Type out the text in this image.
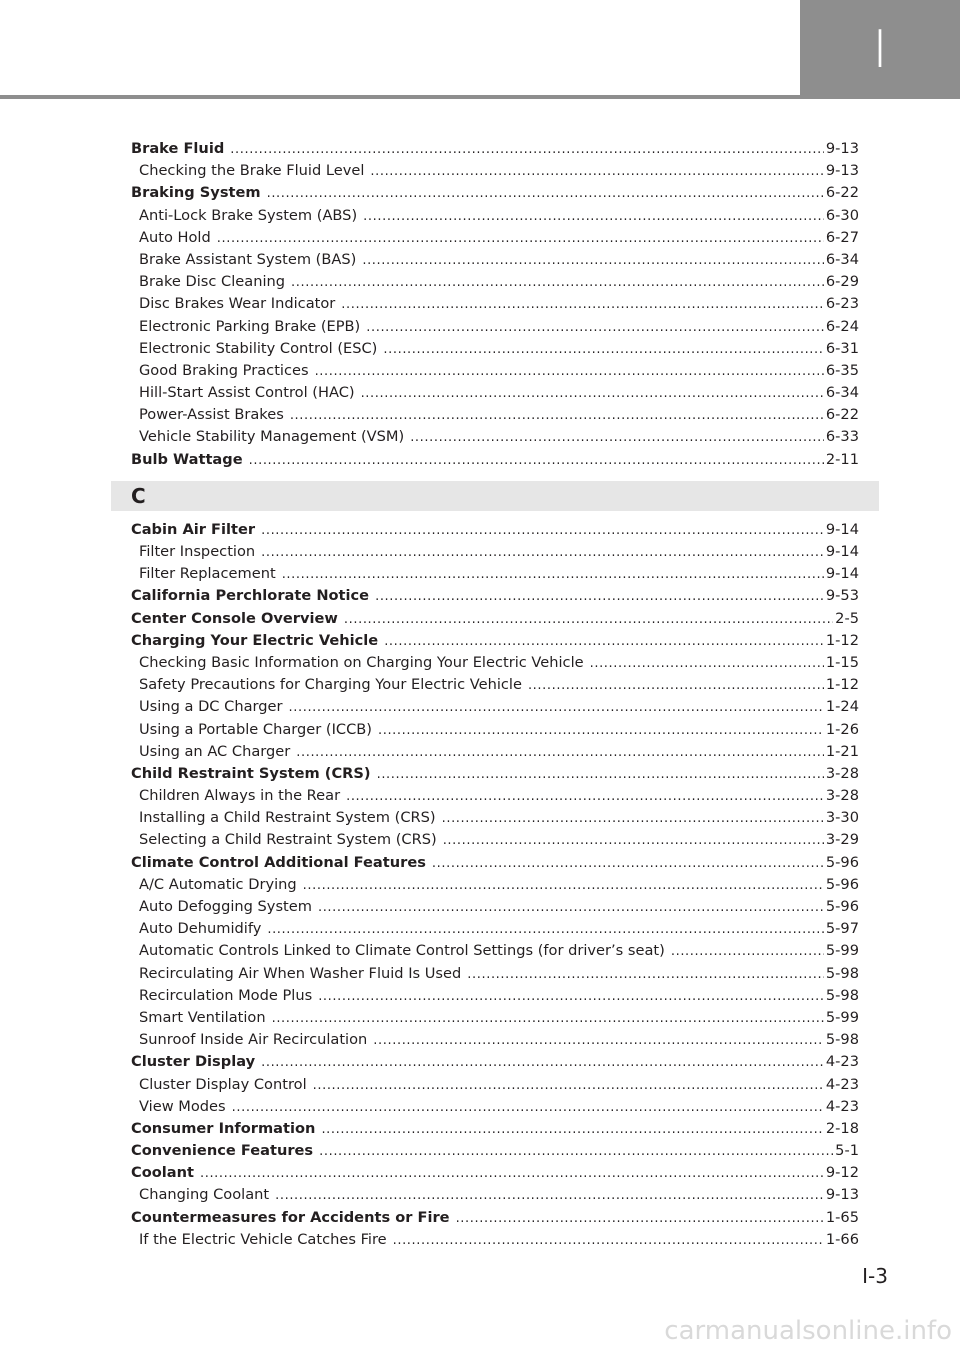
I
Brake Fluid .....	9-13
Checking the Brake Fluid Level .....	9-13
Braking System .....	6-22
Anti-Lock Brake System (ABS) .....	6-30
Auto Hold .....	6-27
Brake Assistant System (BAS) .....	6-34
Brake Disc Cleaning .....	6-29
Disc Brakes Wear Indicator .....	6-23
Electronic Parking Brake (EPB) .....	6-24
Electronic Stability Control (ESC) .....	6-31
Good Braking Practices .....	6-35
Hill-Start Assist Control (HAC) .....	6-34
Power-Assist Brakes .....	6-22
Vehicle Stability Management (VSM) .....	6-33
Bulb Wattage .....	2-11
C
Cabin Air Filter .....	9-14
Filter Inspection .....	9-14
Filter Replacement .....	9-14
California Perchlorate Notice .....	9-53
Center Console Overview .....	2-5
Charging Your Electric Vehicle .....	1-12
Checking Basic Information on Charging Your Electric Vehicle .....	1-15
Safety Precautions for Charging Your Electric Vehicle .....	1-12
Using a DC Charger .....	1-24
Using a Portable Charger (ICCB) .....	1-26
Using an AC Charger .....	1-21
Child Restraint System (CRS) .....	3-28
Children Always in the Rear .....	3-28
Installing a Child Restraint System (CRS) .....	3-30
Selecting a Child Restraint System (CRS) .....	3-29
Climate Control Additional Features .....	5-96
A/C Automatic Drying .....	5-96
Auto Defogging System .....	5-96
Auto Dehumidify .....	5-97
Automatic Controls Linked to Climate Control Settings (for driver’s seat) .....	5-99
Recirculating Air When Washer Fluid Is Used .....	5-98
Recirculation Mode Plus .....	5-98
Smart Ventilation .....	5-99
Sunroof Inside Air Recirculation .....	5-98
Cluster Display .....	4-23
Cluster Display Control .....	4-23
View Modes .....	4-23
Consumer Information .....	2-18
Convenience Features .....	5-1
Coolant .....	9-12
Changing Coolant .....	9-13
Countermeasures for Accidents or Fire .....	1-65
If the Electric Vehicle Catches Fire .....	1-66
I-3
carmanualsonline.info
